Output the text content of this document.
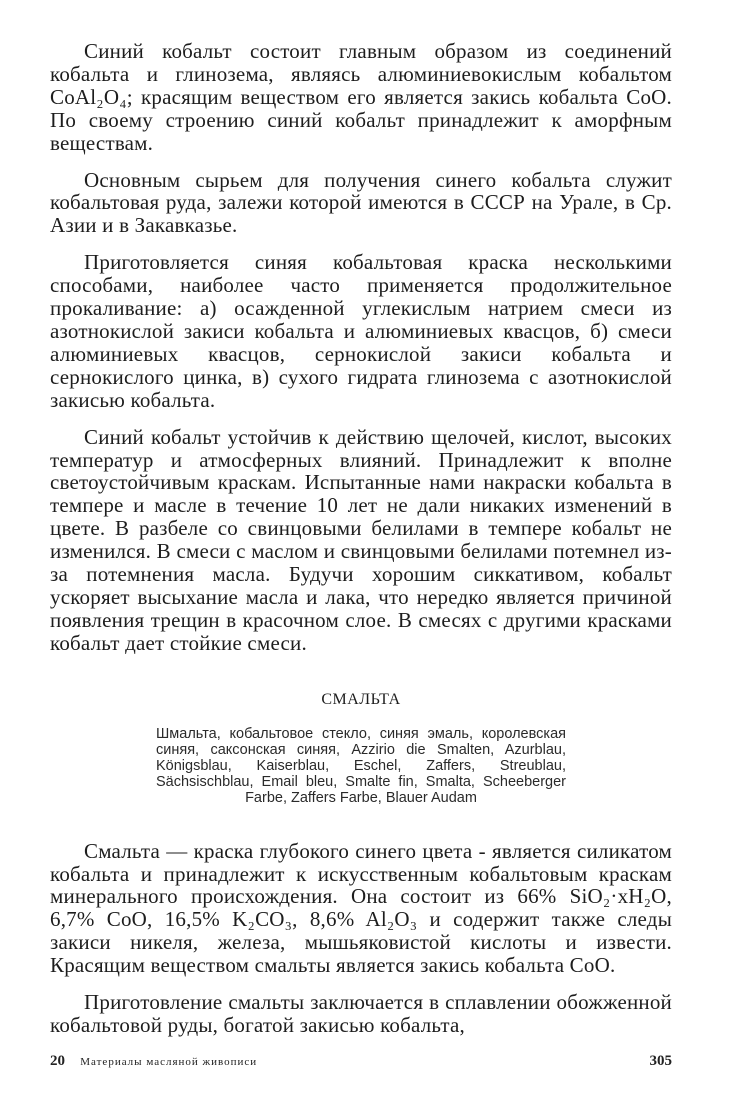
Синий кобальт состоит главным образом из соединений кобальта и глинозема, являясь алюминиевокислым кобальтом CoAl₂O₄; красящим веществом его является закись кобальта CoO. По своему строению синий кобальт принадлежит к аморфным веществам.

Основным сырьем для получения синего кобальта служит кобальтовая руда, залежи которой имеются в СССР на Урале, в Ср. Азии и в Закавказье.

Приготовляется синяя кобальтовая краска несколькими способами, наиболее часто применяется продолжительное прокаливание: а) осажденной углекислым натрием смеси из азотнокислой закиси кобальта и алюминиевых квасцов, б) смеси алюминиевых квасцов, сернокислой закиси кобальта и сернокислого цинка, в) сухого гидрата глинозема с азотнокислой закисью кобальта.

Синий кобальт устойчив к действию щелочей, кислот, высоких температур и атмосферных влияний. Принадлежит к вполне светоустойчивым краскам. Испытанные нами накраски кобальта в темпере и масле в течение 10 лет не дали никаких изменений в цвете. В разбеле со свинцовыми белилами в темпере кобальт не изменился. В смеси с маслом и свинцовыми белилами потемнел из-за потемнения масла. Будучи хорошим сиккативом, кобальт ускоряет высыхание масла и лака, что нередко является причиной появления трещин в красочном слое. В смесях с другими красками кобальт дает стойкие смеси.

СМАЛЬТА
Шмальта, кобальтовое стекло, синяя эмаль, королевская синяя, саксонская синяя, Azzirio die Smalten, Azurblau, Königsblau, Kaiserblau, Eschel, Zaffers, Streublau, Sächsischblau, Email bleu, Smalte fin, Smalta, Scheeberger Farbe, Zaffers Farbe, Blauer Audam

Смальта — краска глубокого синего цвета - является силикатом кобальта и принадлежит к искусственным кобальтовым краскам минерального происхождения. Она состоит из 66% SiO₂·xH₂O, 6,7% CoO, 16,5% K₂CO₃, 8,6% Al₂O₃ и содержит также следы закиси никеля, железа, мышьяковистой кислоты и извести. Красящим веществом смальты является закись кобальта CoO.

Приготовление смальты заключается в сплавлении обожженной кобальтовой руды, богатой закисью кобальта,

20 Материалы масляной живописи	305
